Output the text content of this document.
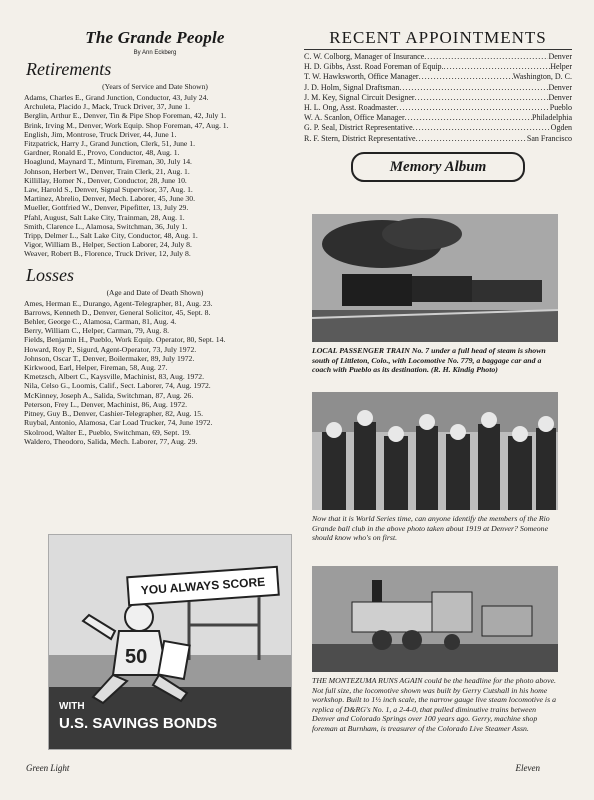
The Grande People
By Ann Eckberg
Retirements
(Years of Service and Date Shown)
Adams, Charles E., Grand Junction, Conductor, 43, July 24.
Archuleta, Placido J., Mack, Truck Driver, 37, June 1.
Berglin, Arthur E., Denver, Tin & Pipe Shop Foreman, 42, July 1.
Brink, Irving M., Denver, Work Equip. Shop Foreman, 47, Aug. 1.
English, Jim, Montrose, Truck Driver, 44, June 1.
Fitzpatrick, Harry J., Grand Junction, Clerk, 51, June 1.
Gardner, Ronald E., Provo, Conductor, 48, Aug. 1.
Hoaglund, Maynard T., Minturn, Fireman, 30, July 14.
Johnson, Herbert W., Denver, Train Clerk, 21, Aug. 1.
Killillay, Homer N., Denver, Conductor, 28, June 10.
Law, Harold S., Denver, Signal Supervisor, 37, Aug. 1.
Martinez, Abrelio, Denver, Mech. Laborer, 45, June 30.
Mueller, Gottfried W., Denver, Pipefitter, 13, July 29.
Pfahl, August, Salt Lake City, Trainman, 28, Aug. 1.
Smith, Clarence L., Alamosa, Switchman, 36, July 1.
Tripp, Delmer L., Salt Lake City, Conductor, 48, Aug. 1.
Vigor, William B., Helper, Section Laborer, 24, July 8.
Weaver, Robert B., Florence, Truck Driver, 12, July 8.
Losses
(Age and Date of Death Shown)
Ames, Herman E., Durango, Agent-Telegrapher, 81, Aug. 23.
Barrows, Kenneth D., Denver, General Solicitor, 45, Sept. 8.
Behler, George C., Alamosa, Carman, 81, Aug. 4.
Berry, William C., Helper, Carman, 79, Aug. 8.
Fields, Benjamin H., Pueblo, Work Equip. Operator, 80, Sept. 14.
Howard, Roy P., Sigurd, Agent-Operator, 73, July 1972.
Johnson, Oscar T., Denver, Boilermaker, 89, July 1972.
Kirkwood, Earl, Helper, Fireman, 58, Aug. 27.
Kmetzsch, Albert C., Kaysville, Machinist, 83, Aug. 1972.
Nila, Celso G., Loomis, Calif., Sect. Laborer, 74, Aug. 1972.
McKinney, Joseph A., Salida, Switchman, 87, Aug. 26.
Peterson, Frey L., Denver, Machinist, 86, Aug. 1972.
Pitney, Guy B., Denver, Cashier-Telegrapher, 82, Aug. 15.
Ruybal, Antonio, Alamosa, Car Load Trucker, 74, June 1972.
Skolrood, Walter E., Pueblo, Switchman, 69, Sept. 19.
Waldero, Theodoro, Salida, Mech. Laborer, 77, Aug. 29.
50
YOU ALWAYS SCORE
WITH
U.S. SAVINGS BONDS
RECENT APPOINTMENTS
C. W. Colborg, Manager of Insurance .....	Denver
H. D. Gibbs, Asst. Road Foreman of Equip. .....	Helper
T. W. Hawksworth, Office Manager .....	Washington, D. C.
J. D. Holm, Signal Draftsman .....	Denver
J. M. Key, Signal Circuit Designer .....	Denver
H. L. Ong, Asst. Roadmaster .....	Pueblo
W. A. Scanlon, Office Manager .....	Philadelphia
G. P. Seal, District Representative .....	Ogden
R. F. Stern, District Representative .....	San Francisco
Memory Album
LOCAL PASSENGER TRAIN No. 7 under a full head of steam is shown south of Littleton, Colo., with Locomotive No. 779, a baggage car and a coach with Pueblo as its destination. (R. H. Kindig Photo)
Now that it is World Series time, can anyone identify the members of the Rio Grande ball club in the above photo taken about 1919 at Denver? Someone should know who's on first.
THE MONTEZUMA RUNS AGAIN could be the headline for the photo above. Not full size, the locomotive shown was built by Gerry Cutshall in his home workshop. Built to 1½ inch scale, the narrow gauge live steam locomotive is a replica of D&RG's No. 1, a 2-4-0, that pulled diminutive trains between Denver and Colorado Springs over 100 years ago. Gerry, machine shop foreman at Burnham, is treasurer of the Colorado Live Steamer Assn.
Green Light	Eleven
